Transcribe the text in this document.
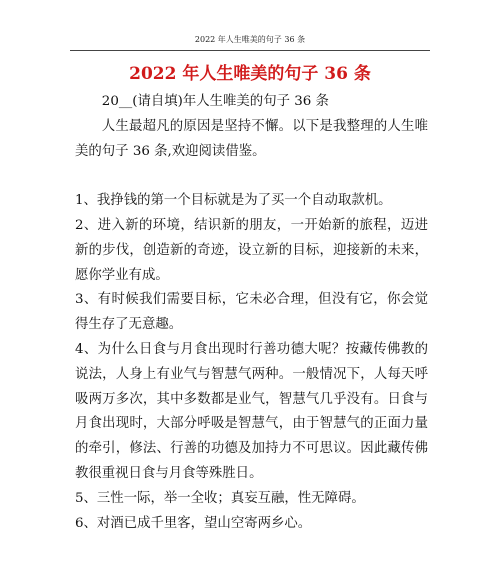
2022 年人生唯美的句子 36 条
2022 年人生唯美的句子 36 条

20__(请自填)年人生唯美的句子 36 条

人生最超凡的原因是坚持不懈。以下是我整理的人生唯美的句子 36 条,欢迎阅读借鉴。

1、我挣钱的第一个目标就是为了买一个自动取款机。

2、进入新的环境，结识新的朋友，一开始新的旅程，迈进新的步伐，创造新的奇迹，设立新的目标，迎接新的未来，愿你学业有成。

3、有时候我们需要目标，它未必合理，但没有它，你会觉得生存了无意趣。

4、为什么日食与月食出现时行善功德大呢？按藏传佛教的说法，人身上有业气与智慧气两种。一般情况下，人每天呼吸两万多次，其中多数都是业气，智慧气几乎没有。日食与月食出现时，大部分呼吸是智慧气，由于智慧气的正面力量的牵引，修法、行善的功德及加持力不可思议。因此藏传佛教很重视日食与月食等殊胜日。

5、三性一际，举一全收；真妄互融，性无障碍。

6、对酒已成千里客，望山空寄两乡心。
